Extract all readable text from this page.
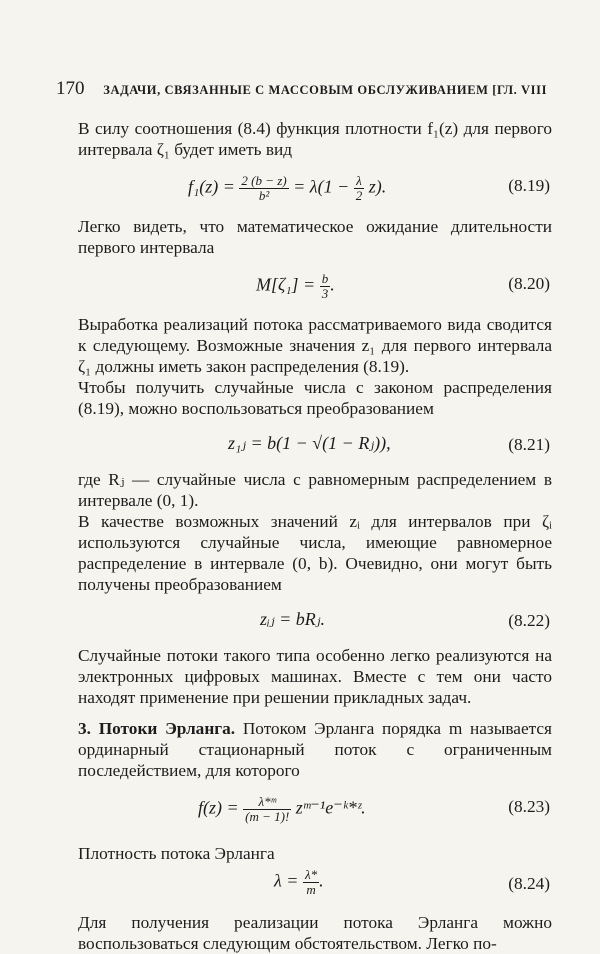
170 ЗАДАЧИ, СВЯЗАННЫЕ С МАССОВЫМ ОБСЛУЖИВАНИЕМ [ГЛ. VIII

В силу соотношения (8.4) функция плотности f₁(z) для первого интервала ζ₁ будет иметь вид

$f_1(z) = \frac{2 (b - z)}{\text{b²}} = \lambda(1 - \frac{\lambda}{2} z)$.	(8.19)

Легко видеть, что математическое ожидание длительности первого интервала

$M[\zeta_1] = \frac{b}{3}$ .	(8.20)

Выработка реализаций потока рассматриваемого вида сводится к следующему. Возможные значения z₁ для первого интервала ζ₁ должны иметь закон распределения (8.19).

Чтобы получить случайные числа с законом распределения (8.19), можно воспользоваться преобразованием

z₁ⱼ = b(1 − √(1 − Rⱼ)),	(8.21)

где Rⱼ — случайные числа с равномерным распределением в интервале (0, 1).

В качестве возможных значений zᵢ для интервалов при ζᵢ используются случайные числа, имеющие равномерное распределение в интервале (0, b). Очевидно, они могут быть получены преобразованием

zᵢⱼ = bRⱼ.	(8.22)

Случайные потоки такого типа особенно легко реализуются на электронных цифровых машинах. Вместе с тем они часто находят применение при решении прикладных задач.

3. Потоки Эрланга. Потоком Эрланга порядка m называется ординарный стационарный поток с ограниченным последействием, для которого

$f(z) = \frac{\text{λ*ᵐ}}{(m - 1)!}$ zᵐ⁻¹e⁻ᵏ*ᶻ.	(8.23)

Плотность потока Эрланга

$\lambda = \frac{\lambda*}{m}$ .	(8.24)

Для получения реализации потока Эрланга можно воспользоваться следующим обстоятельством. Легко по-
